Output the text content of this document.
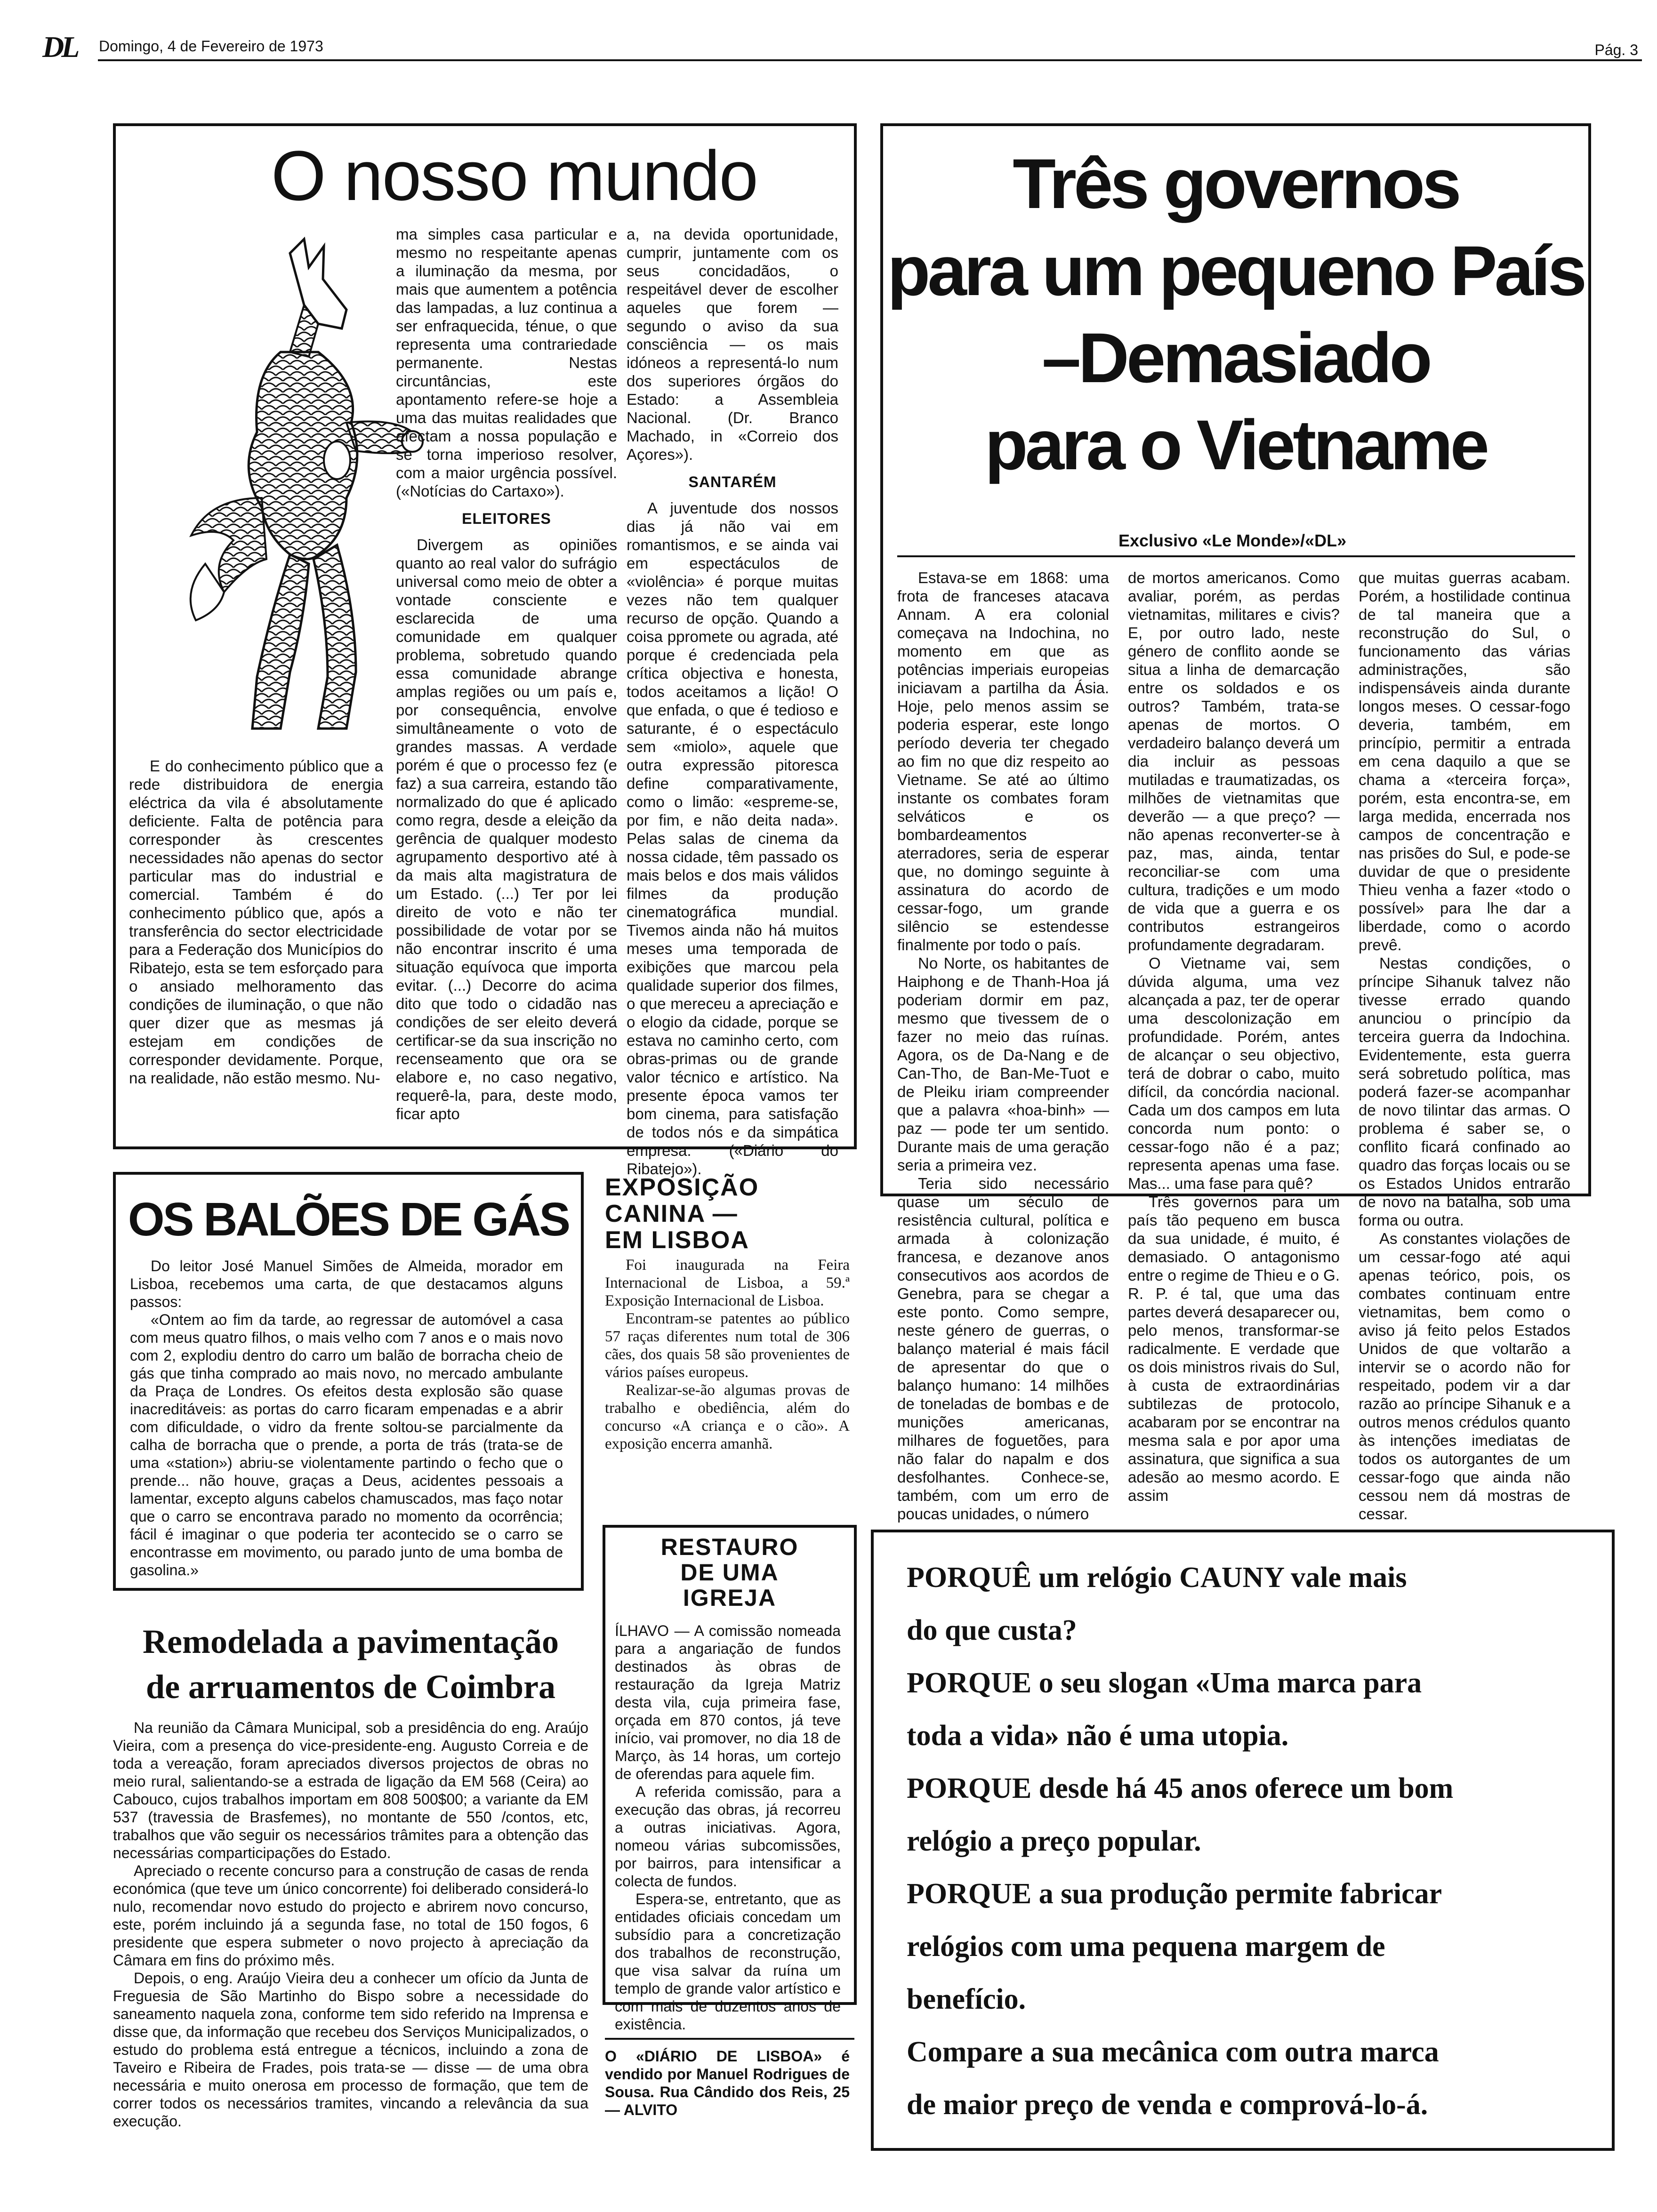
DL Domingo, 4 de Fevereiro de 1973	Pág. 3
O nosso mundo

E do conhecimento público que a rede distribuidora de energia eléctrica da vila é absolutamente deficiente. Falta de potência para corresponder às crescentes necessidades não apenas do sector particular mas do industrial e comercial. Também é do conhecimento público que, após a transferência do sector electricidade para a Federação dos Municípios do Ribatejo, esta se tem esforçado para o ansiado melhoramento das condições de iluminação, o que não quer dizer que as mesmas já estejam em condições de corresponder devidamente. Porque, na realidade, não estão mesmo. Nu-

ma simples casa particular e mesmo no respeitante apenas a iluminação da mesma, por mais que aumentem a potência das lampadas, a luz continua a ser enfraquecida, ténue, o que representa uma contrariedade permanente. Nestas circuntâncias, este apontamento refere-se hoje a uma das muitas realidades que afectam a nossa população e se torna imperioso resolver, com a maior urgência possível. («Notícias do Cartaxo»).

ELEITORES

Divergem as opiniões quanto ao real valor do sufrágio universal como meio de obter a vontade consciente e esclarecida de uma comunidade em qualquer problema, sobretudo quando essa comunidade abrange amplas regiões ou um país e, por consequência, envolve simultâneamente o voto de grandes massas. A verdade porém é que o processo fez (e faz) a sua carreira, estando tão normalizado do que é aplicado como regra, desde a eleição da gerência de qualquer modesto agrupamento desportivo até à da mais alta magistratura de um Estado. (...) Ter por lei direito de voto e não ter possibilidade de votar por se não encontrar inscrito é uma situação equívoca que importa evitar. (...) Decorre do acima dito que todo o cidadão nas condições de ser eleito deverá certificar-se da sua inscrição no recenseamento que ora se elabore e, no caso negativo, requerê-la, para, deste modo, ficar apto

a, na devida oportunidade, cumprir, juntamente com os seus concidadãos, o respeitável dever de escolher aqueles que forem — segundo o aviso da sua consciência — os mais idóneos a representá-lo num dos superiores órgãos do Estado: a Assembleia Nacional. (Dr. Branco Machado, in «Correio dos Açores»).

SANTARÉM

A juventude dos nossos dias já não vai em romantismos, e se ainda vai em espectáculos de «violência» é porque muitas vezes não tem qualquer recurso de opção. Quando a coisa ppromete ou agrada, até porque é credenciada pela crítica objectiva e honesta, todos aceitamos a lição! O que enfada, o que é tedioso e saturante, é o espectáculo sem «miolo», aquele que outra expressão pitoresca define comparativamente, como o limão: «espreme-se, por fim, e não deita nada». Pelas salas de cinema da nossa cidade, têm passado os mais belos e dos mais válidos filmes da produção cinematográfica mundial. Tivemos ainda não há muitos meses uma temporada de exibições que marcou pela qualidade superior dos filmes, o que mereceu a apreciação e o elogio da cidade, porque se estava no caminho certo, com obras-primas ou de grande valor técnico e artístico. Na presente época vamos ter bom cinema, para satisfação de todos nós e da simpática empresa. («Diário do Ribatejo»).

Três governos
para um pequeno País
–Demasiado
para o Vietname
Exclusivo «Le Monde»/«DL»

Estava-se em 1868: uma frota de franceses atacava Annam. A era colonial começava na Indochina, no momento em que as potências imperiais europeias iniciavam a partilha da Ásia. Hoje, pelo menos assim se poderia esperar, este longo período deveria ter chegado ao fim no que diz respeito ao Vietname. Se até ao último instante os combates foram selváticos e os bombardeamentos aterradores, seria de esperar que, no domingo seguinte à assinatura do acordo de cessar-fogo, um grande silêncio se estendesse finalmente por todo o país.

No Norte, os habitantes de Haiphong e de Thanh-Hoa já poderiam dormir em paz, mesmo que tivessem de o fazer no meio das ruínas. Agora, os de Da-Nang e de Can-Tho, de Ban-Me-Tuot e de Pleiku iriam compreender que a palavra «hoa-binh» — paz — pode ter um sentido. Durante mais de uma geração seria a primeira vez.

Teria sido necessário quase um século de resistência cultural, política e armada à colonização francesa, e dezanove anos consecutivos aos acordos de Genebra, para se chegar a este ponto. Como sempre, neste género de guerras, o balanço material é mais fácil de apresentar do que o balanço humano: 14 milhões de toneladas de bombas e de munições americanas, milhares de foguetões, para não falar do napalm e dos desfolhantes. Conhece-se, também, com um erro de poucas unidades, o número

de mortos americanos. Como avaliar, porém, as perdas vietnamitas, militares e civis? E, por outro lado, neste género de conflito aonde se situa a linha de demarcação entre os soldados e os outros? Também, trata-se apenas de mortos. O verdadeiro balanço deverá um dia incluir as pessoas mutiladas e traumatizadas, os milhões de vietnamitas que deverão — a que preço? — não apenas reconverter-se à paz, mas, ainda, tentar reconciliar-se com uma cultura, tradições e um modo de vida que a guerra e os contributos estrangeiros profundamente degradaram.

O Vietname vai, sem dúvida alguma, uma vez alcançada a paz, ter de operar uma descolonização em profundidade. Porém, antes de alcançar o seu objectivo, terá de dobrar o cabo, muito difícil, da concórdia nacional. Cada um dos campos em luta concorda num ponto: o cessar-fogo não é a paz; representa apenas uma fase. Mas... uma fase para quê?

Três governos para um país tão pequeno em busca da sua unidade, é muito, é demasiado. O antagonismo entre o regime de Thieu e o G. R. P. é tal, que uma das partes deverá desaparecer ou, pelo menos, transformar-se radicalmente. E verdade que os dois ministros rivais do Sul, à custa de extraordinárias subtilezas de protocolo, acabaram por se encontrar na mesma sala e por apor uma assinatura, que significa a sua adesão ao mesmo acordo. E assim

que muitas guerras acabam. Porém, a hostilidade continua de tal maneira que a reconstrução do Sul, o funcionamento das várias administrações, são indispensáveis ainda durante longos meses. O cessar-fogo deveria, também, em princípio, permitir a entrada em cena daquilo a que se chama a «terceira força», porém, esta encontra-se, em larga medida, encerrada nos campos de concentração e nas prisões do Sul, e pode-se duvidar de que o presidente Thieu venha a fazer «todo o possível» para lhe dar a liberdade, como o acordo prevê.

Nestas condições, o príncipe Sihanuk talvez não tivesse errado quando anunciou o princípio da terceira guerra da Indochina. Evidentemente, esta guerra será sobretudo política, mas poderá fazer-se acompanhar de novo tilintar das armas. O problema é saber se, o conflito ficará confinado ao quadro das forças locais ou se os Estados Unidos entrarão de novo na batalha, sob uma forma ou outra.

As constantes violações de um cessar-fogo até aqui apenas teórico, pois, os combates continuam entre vietnamitas, bem como o aviso já feito pelos Estados Unidos de que voltarão a intervir se o acordo não for respeitado, podem vir a dar razão ao príncipe Sihanuk e a outros menos crédulos quanto às intenções imediatas de todos os autorgantes de um cessar-fogo que ainda não cessou nem dá mostras de cessar.

OS BALÕES DE GÁS

Do leitor José Manuel Simões de Almeida, morador em Lisboa, recebemos uma carta, de que destacamos alguns passos:

«Ontem ao fim da tarde, ao regressar de automóvel a casa com meus quatro filhos, o mais velho com 7 anos e o mais novo com 2, explodiu dentro do carro um balão de borracha cheio de gás que tinha comprado ao mais novo, no mercado ambulante da Praça de Londres. Os efeitos desta explosão são quase inacreditáveis: as portas do carro ficaram empenadas e a abrir com dificuldade, o vidro da frente soltou-se parcialmente da calha de borracha que o prende, a porta de trás (trata-se de uma «station») abriu-se violentamente partindo o fecho que o prende... não houve, graças a Deus, acidentes pessoais a lamentar, excepto alguns cabelos chamuscados, mas faço notar que o carro se encontrava parado no momento da ocorrência; fácil é imaginar o que poderia ter acontecido se o carro se encontrasse em movimento, ou parado junto de uma bomba de gasolina.»

EXPOSIÇÃO
CANINA —
EM LISBOA

Foi inaugurada na Feira Internacional de Lisboa, a 59.ª Exposição Internacional de Lisboa.

Encontram-se patentes ao público 57 raças diferentes num total de 306 cães, dos quais 58 são provenientes de vários países europeus.

Realizar-se-ão algumas provas de trabalho e obediência, além do concurso «A criança e o cão». A exposição encerra amanhã.

RESTAURO
DE UMA
IGREJA

ÍLHAVO — A comissão nomeada para a angariação de fundos destinados às obras de restauração da Igreja Matriz desta vila, cuja primeira fase, orçada em 870 contos, já teve início, vai promover, no dia 18 de Março, às 14 horas, um cortejo de oferendas para aquele fim.

A referida comissão, para a execução das obras, já recorreu a outras iniciativas. Agora, nomeou várias subcomissões, por bairros, para intensificar a colecta de fundos.

Espera-se, entretanto, que as entidades oficiais concedam um subsídio para a concretização dos trabalhos de reconstrução, que visa salvar da ruína um templo de grande valor artístico e com mais de duzentos anos de existência.

O «DIÁRIO DE LISBOA» é vendido por Manuel Rodrigues de Sousa. Rua Cândido dos Reis, 25 — ALVITO

Remodelada a pavimentação
de arruamentos de Coimbra

Na reunião da Câmara Municipal, sob a presidência do eng. Araújo Vieira, com a presença do vice-presidente-eng. Augusto Correia e de toda a vereação, foram apreciados diversos projectos de obras no meio rural, salientando-se a estrada de ligação da EM 568 (Ceira) ao Cabouco, cujos trabalhos importam em 808 500$00; a variante da EM 537 (travessia de Brasfemes), no montante de 550 /contos, etc, trabalhos que vão seguir os necessários trâmites para a obtenção das necessárias comparticipações do Estado.

Apreciado o recente concurso para a construção de casas de renda económica (que teve um único concorrente) foi deliberado considerá-lo nulo, recomendar novo estudo do projecto e abrirem novo concurso, este, porém incluindo já a segunda fase, no total de 150 fogos, 6 presidente que espera submeter o novo projecto à apreciação da Câmara em fins do próximo mês.

Depois, o eng. Araújo Vieira deu a conhecer um ofício da Junta de Freguesia de São Martinho do Bispo sobre a necessidade do saneamento naquela zona, conforme tem sido referido na Imprensa e disse que, da informação que recebeu dos Serviços Municipalizados, o estudo do problema está entregue a técnicos, incluindo a zona de Taveiro e Ribeira de Frades, pois trata-se — disse — de uma obra necessária e muito onerosa em processo de formação, que tem de correr todos os necessários tramites, vincando a relevância da sua execução.

PORQUÊ um relógio CAUNY vale mais
do que custa?
PORQUE o seu slogan «Uma marca para
toda a vida» não é uma utopia.
PORQUE desde há 45 anos oferece um bom
relógio a preço popular.
PORQUE a sua produção permite fabricar
relógios com uma pequena margem de
benefício.
Compare a sua mecânica com outra marca
de maior preço de venda e comprová-lo-á.
